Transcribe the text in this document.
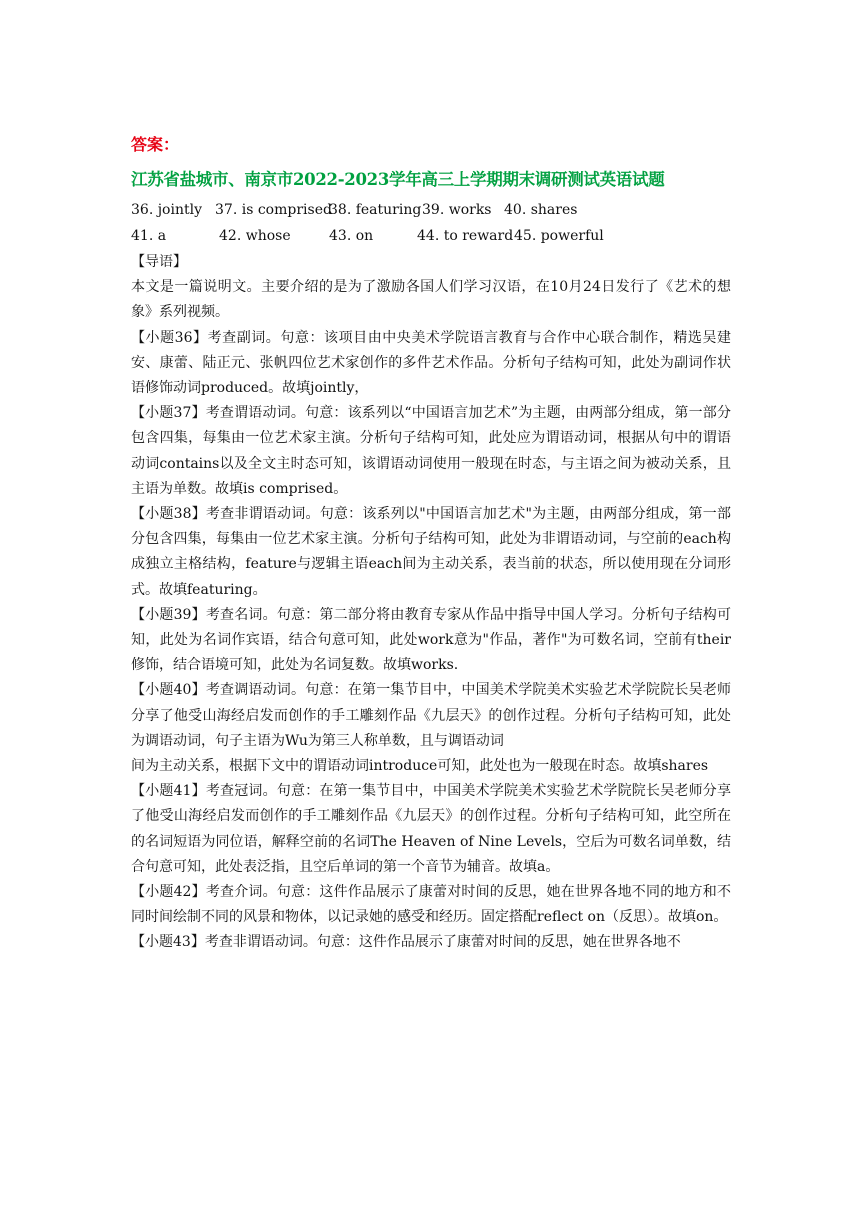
答案：
江苏省盐城市、南京市2022-2023学年高三上学期期末调研测试英语试题
36. jointly 37. is comprised
38. featuring 39. works 40. shares
41. a	42. whose	43. on	44. to reward 45. powerful

【导语】

本文是一篇说明文。主要介绍的是为了激励各国人们学习汉语，在10月24日发行了《艺术的想象》系列视频。

【小题36】考查副词。句意：该项目由中央美术学院语言教育与合作中心联合制作，精选吴建安、康蕾、陆正元、张帆四位艺术家创作的多件艺术作品。分析句子结构可知，此处为副词作状语修饰动词produced。故填jointly，

【小题37】考查谓语动词。句意：该系列以“中国语言加艺术”为主题，由两部分组成，第一部分包含四集，每集由一位艺术家主演。分析句子结构可知，此处应为谓语动词，根据从句中的谓语动词contains以及全文主时态可知，该谓语动词使用一般现在时态，与主语之间为被动关系，且主语为单数。故填is comprised。

【小题38】考查非谓语动词。句意：该系列以"中国语言加艺术"为主题，由两部分组成，第一部分包含四集，每集由一位艺术家主演。分析句子结构可知，此处为非谓语动词，与空前的each构成独立主格结构，feature与逻辑主语each间为主动关系，表当前的状态，所以使用现在分词形式。故填featuring。

【小题39】考查名词。句意：第二部分将由教育专家从作品中指导中国人学习。分析句子结构可知，此处为名词作宾语，结合句意可知，此处work意为"作品，著作"为可数名词，空前有their修饰，结合语境可知，此处为名词复数。故填works.

【小题40】考查调语动词。句意：在第一集节目中，中国美术学院美术实验艺术学院院长吴老师分享了他受山海经启发而创作的手工雕刻作品《九层天》的创作过程。分析句子结构可知，此处为调语动词，句子主语为Wu为第三人称单数，且与调语动词

间为主动关系，根据下文中的谓语动词introduce可知，此处也为一般现在时态。故填shares

【小题41】考查冠词。句意：在第一集节目中，中国美术学院美术实验艺术学院院长吴老师分享了他受山海经启发而创作的手工雕刻作品《九层天》的创作过程。分析句子结构可知，此空所在的名词短语为同位语，解释空前的名词The Heaven of Nine Levels，空后为可数名词单数，结合句意可知，此处表泛指，且空后单词的第一个音节为辅音。故填a。

【小题42】考查介词。句意：这件作品展示了康蕾对时间的反思，她在世界各地不同的地方和不同时间绘制不同的风景和物体，以记录她的感受和经历。固定搭配reflect on（反思）。故填on。

【小题43】考查非谓语动词。句意：这件作品展示了康蕾对时间的反思，她在世界各地不
